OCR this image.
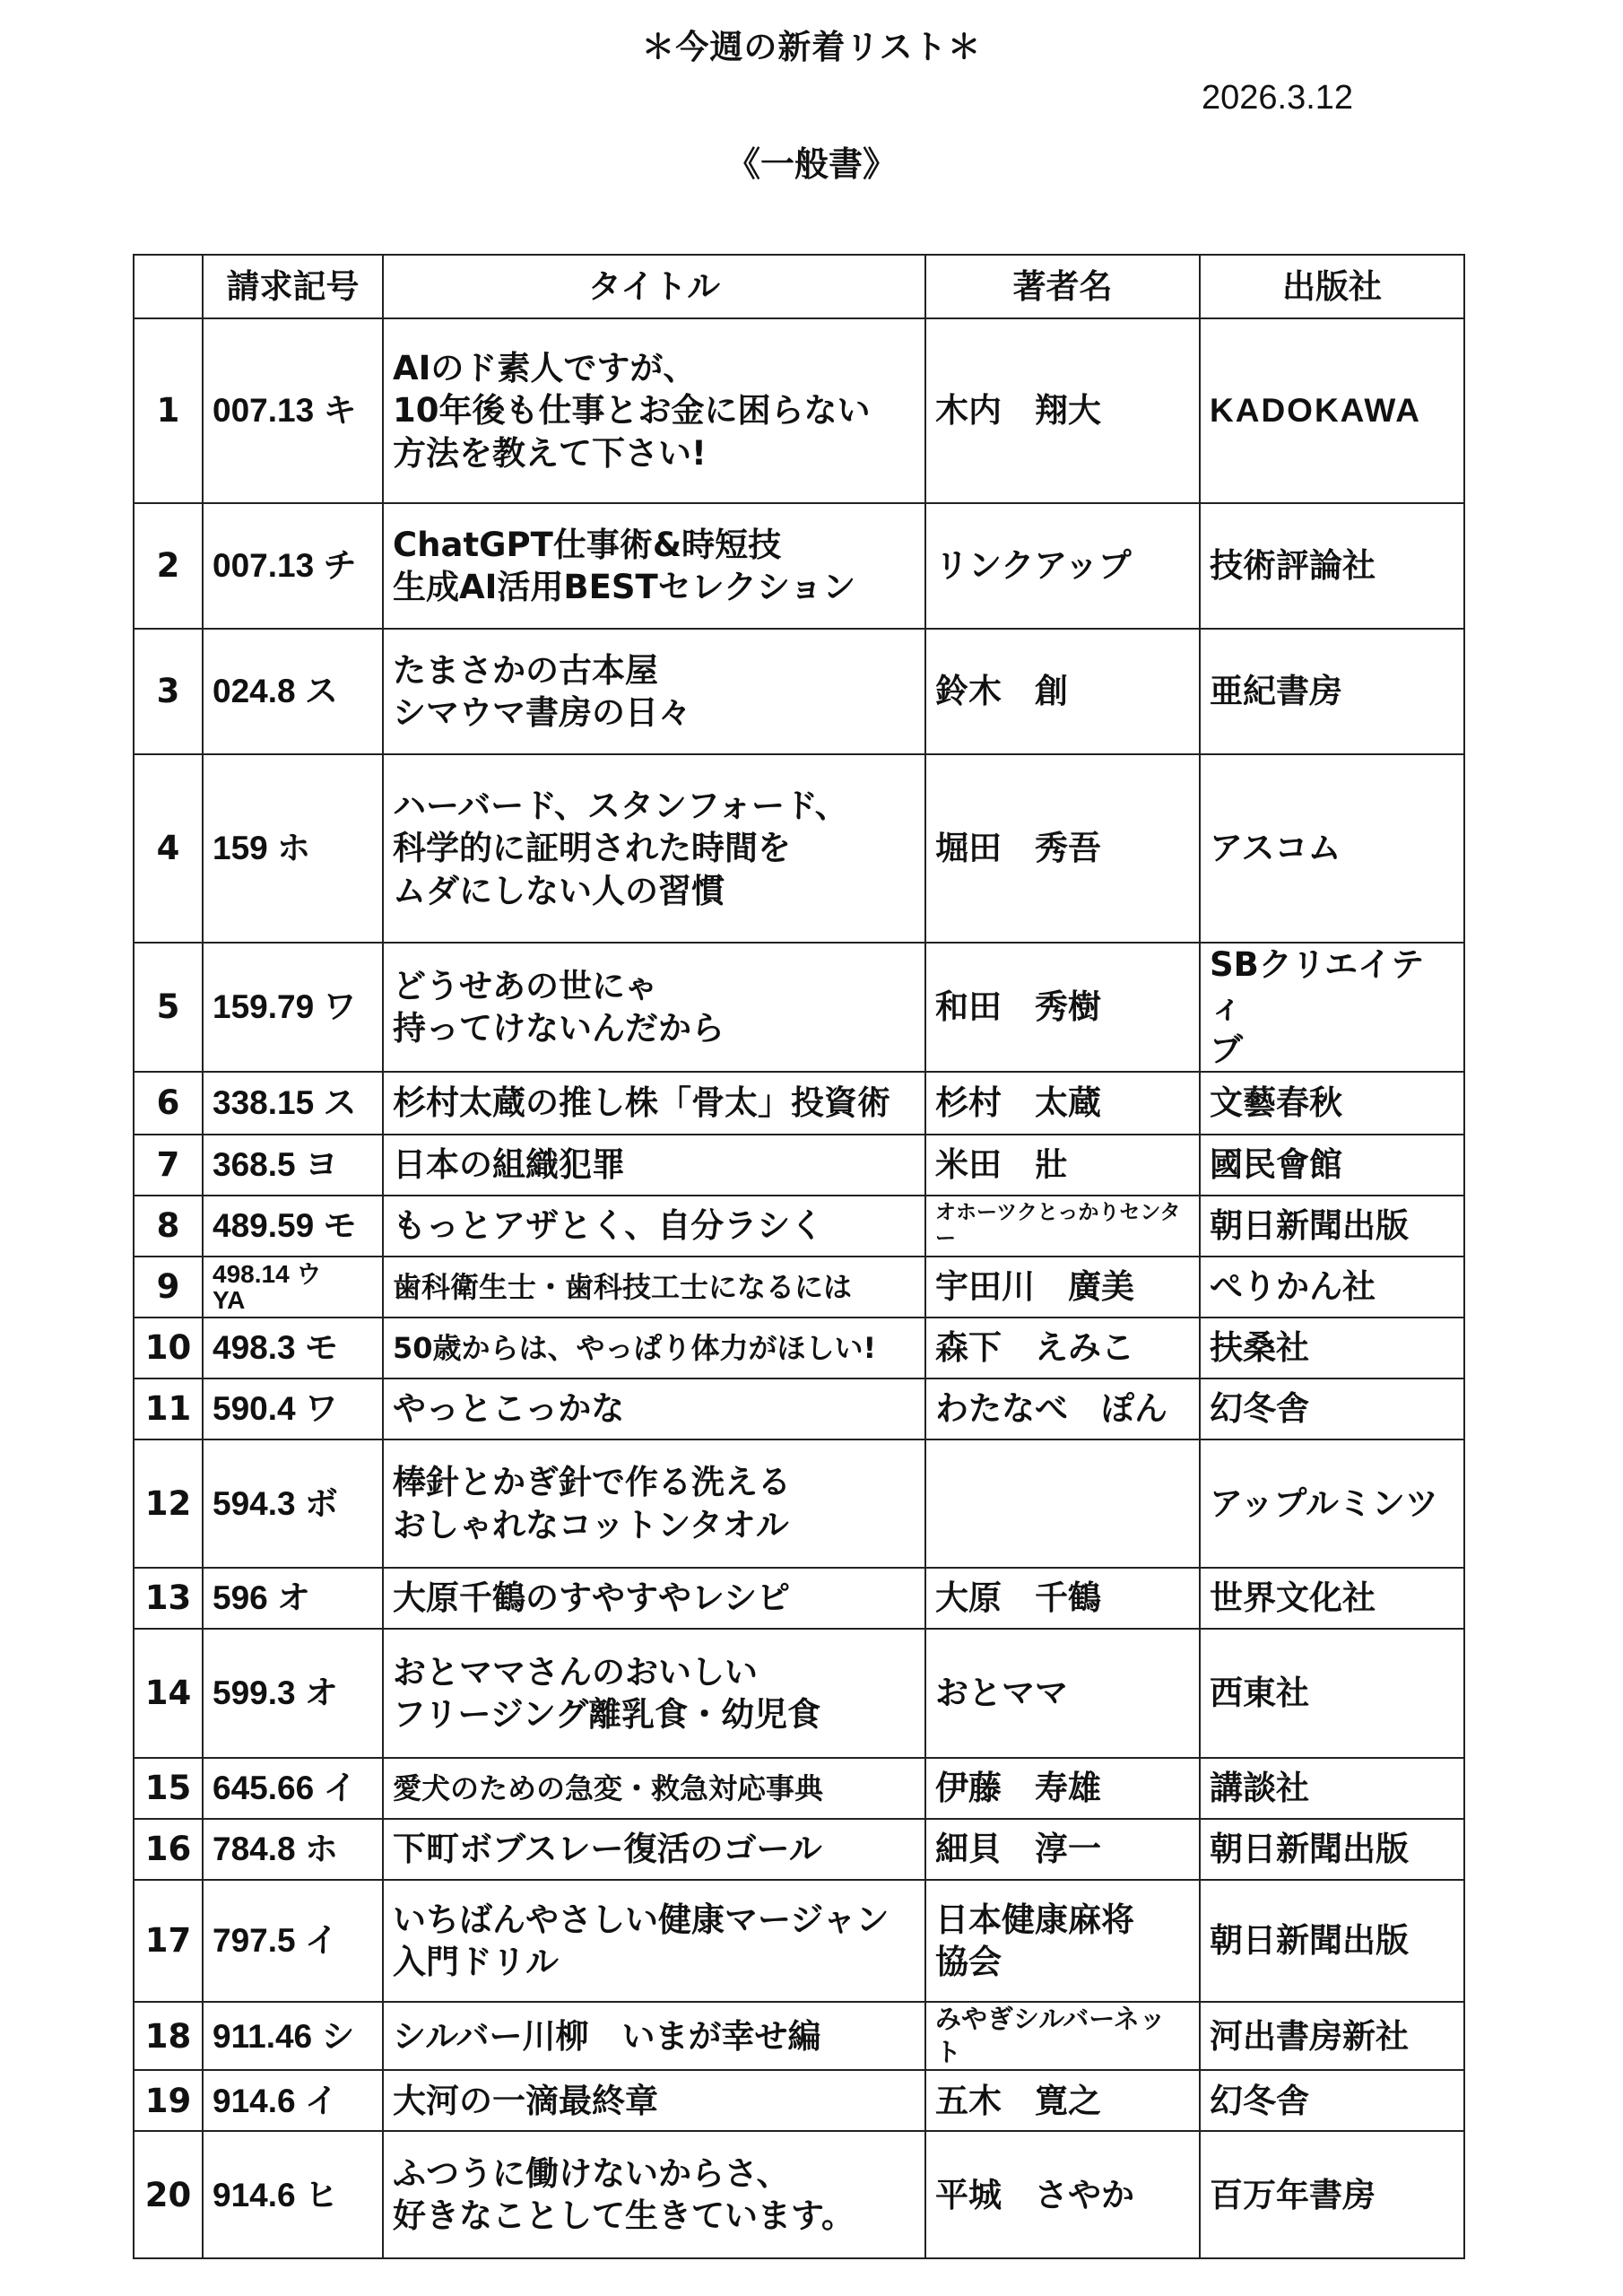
＊今週の新着リスト＊
2026.3.12
《一般書》
	請求記号	タイトル	著者名	出版社
1	007.13 キ	AIのド素人ですが、
10年後も仕事とお金に困らない
方法を教えて下さい!	木内　翔大	KADOKAWA
2	007.13 チ	ChatGPT仕事術&時短技
生成AI活用BESTセレクション	リンクアップ	技術評論社
3	024.8 ス	たまさかの古本屋
シマウマ書房の日々	鈴木　創	亜紀書房
4	159 ホ	ハーバード、スタンフォード、
科学的に証明された時間を
ムダにしない人の習慣	堀田　秀吾	アスコム
5	159.79 ワ	どうせあの世にゃ
持ってけないんだから	和田　秀樹	SBクリエイティ
ブ
6	338.15 ス	杉村太蔵の推し株「骨太」投資術	杉村　太蔵	文藝春秋
7	368.5 ヨ	日本の組織犯罪	米田　壯	國民會館
8	489.59 モ	もっとアザとく、自分ラシく	オホーツクとっかりセンター	朝日新聞出版
9	498.14 ウ
YA	歯科衛生士・歯科技工士になるには	宇田川　廣美	ぺりかん社
10	498.3 モ	50歳からは、やっぱり体力がほしい!	森下　えみこ	扶桑社
11	590.4 ワ	やっとこっかな	わたなべ　ぽん	幻冬舎
12	594.3 ボ	棒針とかぎ針で作る洗える
おしゃれなコットンタオル		アップルミンツ
13	596 オ	大原千鶴のすやすやレシピ	大原　千鶴	世界文化社
14	599.3 オ	おとママさんのおいしい
フリージング離乳食・幼児食	おとママ	西東社
15	645.66 イ	愛犬のための急変・救急対応事典	伊藤　寿雄	講談社
16	784.8 ホ	下町ボブスレー復活のゴール	細貝　淳一	朝日新聞出版
17	797.5 イ	いちばんやさしい健康マージャン
入門ドリル	日本健康麻将
協会	朝日新聞出版
18	911.46 シ	シルバー川柳　いまが幸せ編	みやぎシルバーネット	河出書房新社
19	914.6 イ	大河の一滴最終章	五木　寛之	幻冬舎
20	914.6 ヒ	ふつうに働けないからさ、
好きなことして生きています。	平城　さやか	百万年書房
